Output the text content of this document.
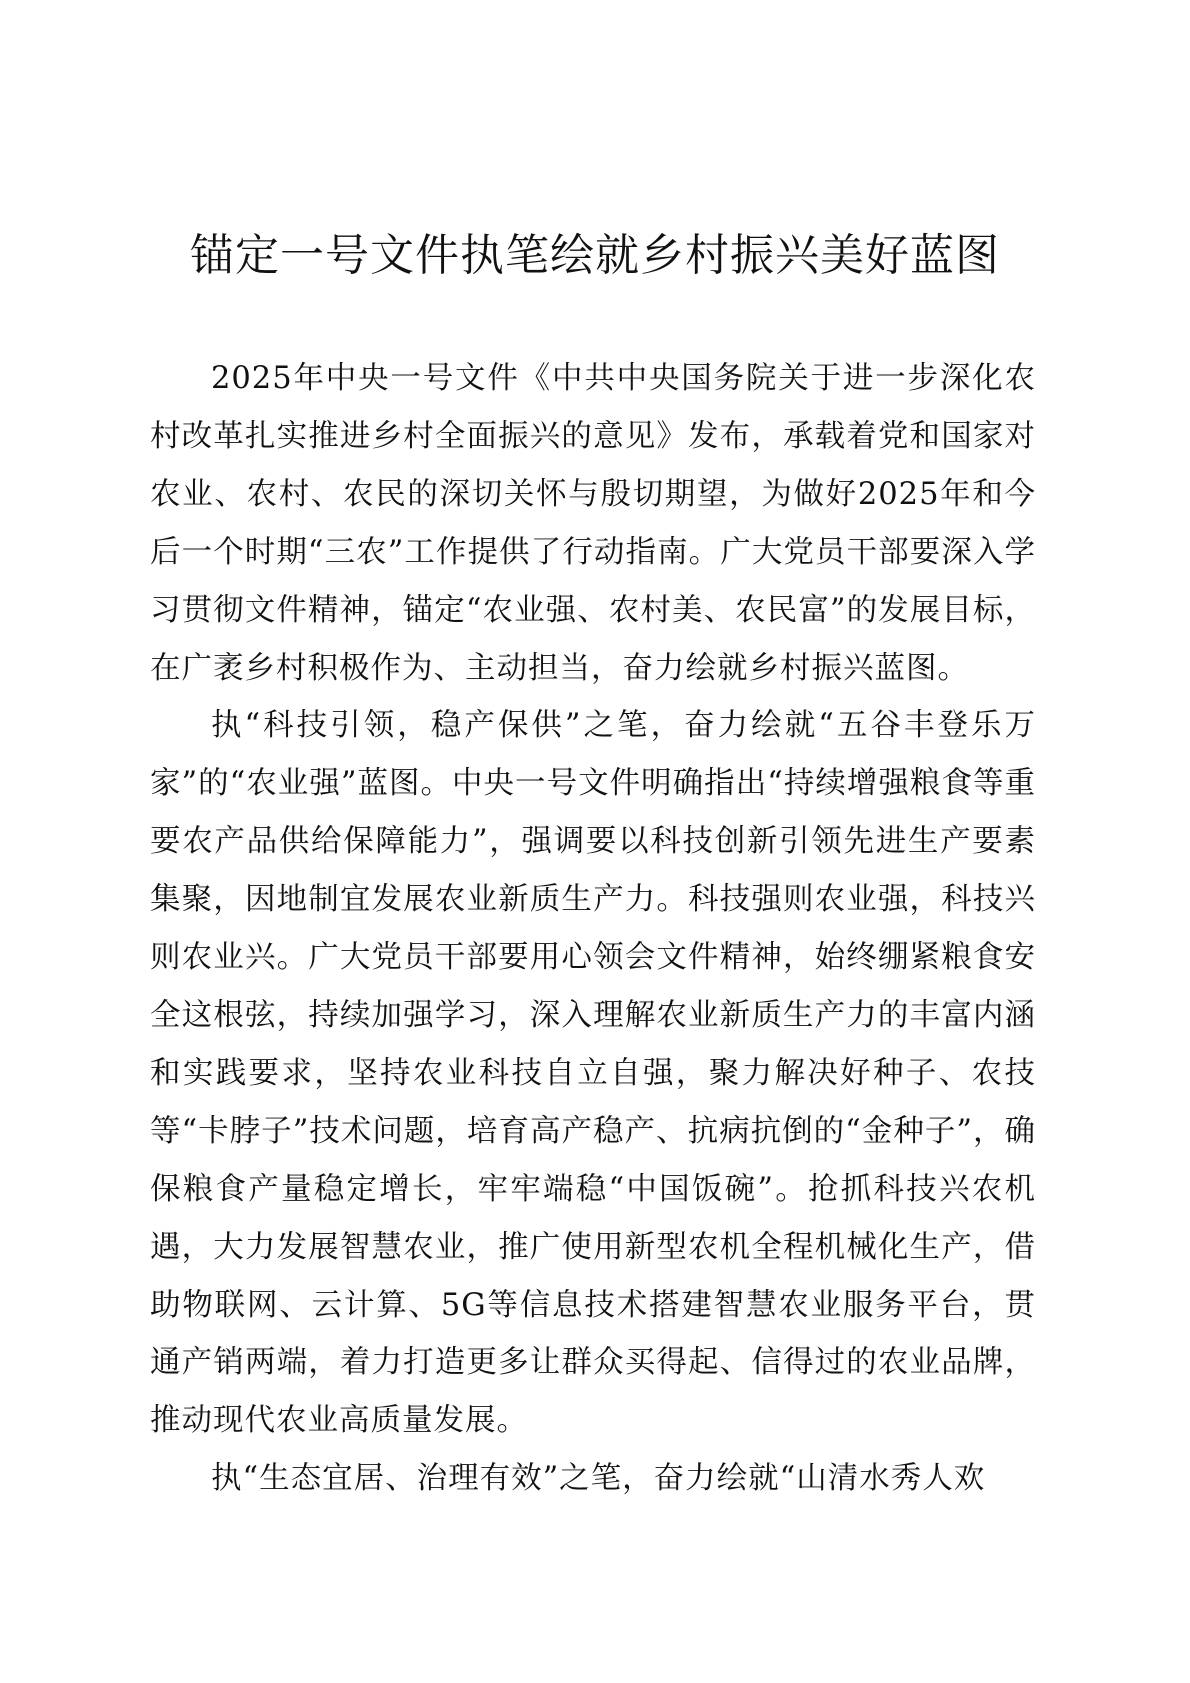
锚定一号文件执笔绘就乡村振兴美好蓝图

2025年中央一号文件《中共中央国务院关于进一步深化农村改革扎实推进乡村全面振兴的意见》发布，承载着党和国家对农业、农村、农民的深切关怀与殷切期望，为做好2025年和今后一个时期“三农”工作提供了行动指南。广大党员干部要深入学习贯彻文件精神，锚定“农业强、农村美、农民富”的发展目标，在广袤乡村积极作为、主动担当，奋力绘就乡村振兴蓝图。

执“科技引领，稳产保供”之笔，奋力绘就“五谷丰登乐万家”的“农业强”蓝图。中央一号文件明确指出“持续增强粮食等重要农产品供给保障能力”，强调要以科技创新引领先进生产要素集聚，因地制宜发展农业新质生产力。科技强则农业强，科技兴则农业兴。广大党员干部要用心领会文件精神，始终绷紧粮食安全这根弦，持续加强学习，深入理解农业新质生产力的丰富内涵和实践要求，坚持农业科技自立自强，聚力解决好种子、农技等“卡脖子”技术问题，培育高产稳产、抗病抗倒的“金种子”，确保粮食产量稳定增长，牢牢端稳“中国饭碗”。抢抓科技兴农机遇，大力发展智慧农业，推广使用新型农机全程机械化生产，借助物联网、云计算、5G等信息技术搭建智慧农业服务平台，贯通产销两端，着力打造更多让群众买得起、信得过的农业品牌，推动现代农业高质量发展。

执“生态宜居、治理有效”之笔，奋力绘就“山清水秀人欢
